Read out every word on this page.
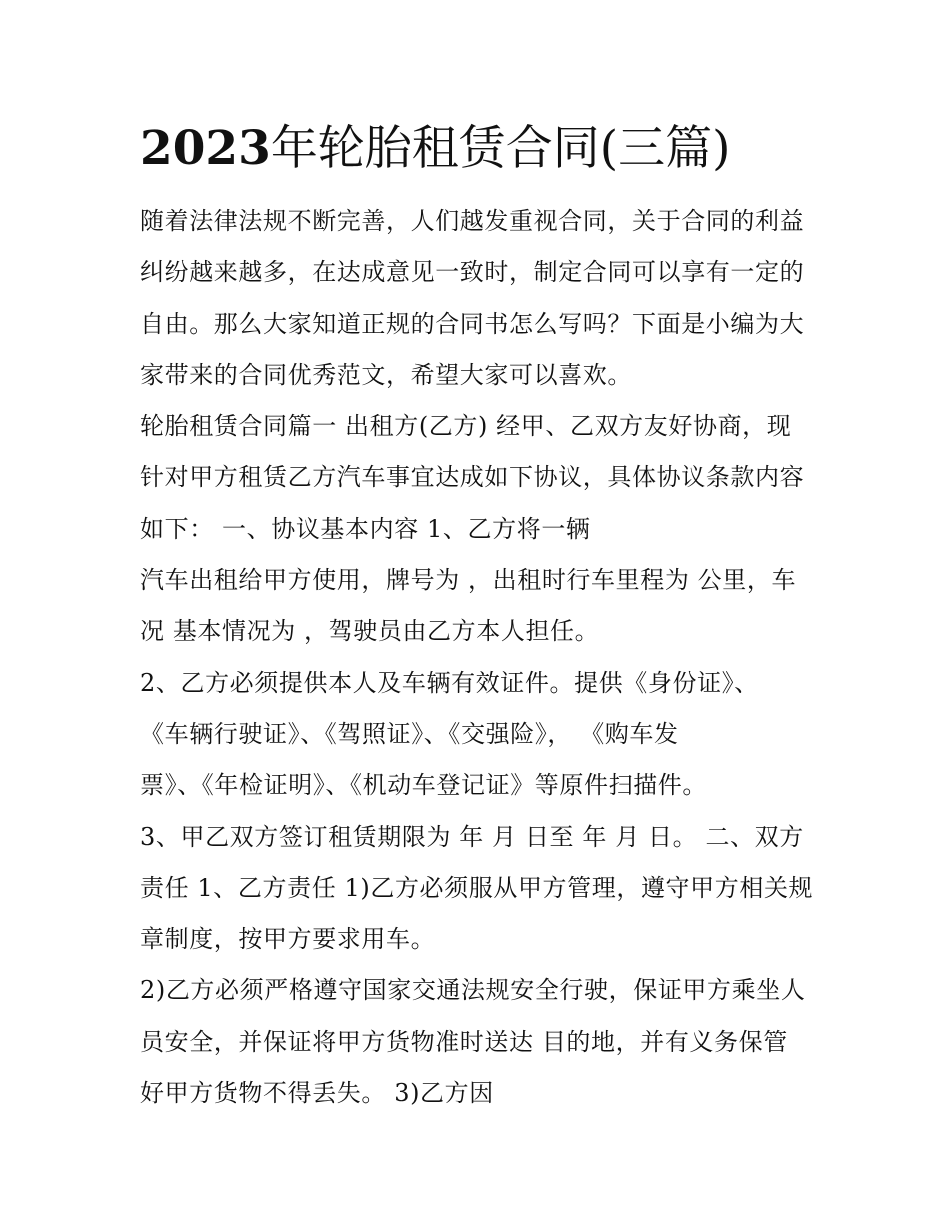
2023年轮胎租赁合同(三篇)

随着法律法规不断完善，人们越发重视合同，关于合同的利益

纠纷越来越多，在达成意见一致时，制定合同可以享有一定的

自由。那么大家知道正规的合同书怎么写吗？下面是小编为大

家带来的合同优秀范文，希望大家可以喜欢。

轮胎租赁合同篇一 出租方(乙方) 经甲、乙双方友好协商，现

针对甲方租赁乙方汽车事宜达成如下协议，具体协议条款内容

如下： 一、协议基本内容 1、乙方将一辆

汽车出租给甲方使用，牌号为 ，出租时行车里程为 公里，车

况 基本情况为 ，驾驶员由乙方本人担任。

2、乙方必须提供本人及车辆有效证件。提供《身份证》、

《车辆行驶证》、《驾照证》、《交强险》， 《购车发

票》、《年检证明》、《机动车登记证》等原件扫描件。

3、甲乙双方签订租赁期限为 年 月 日至 年 月 日。 二、双方

责任 1、乙方责任 1)乙方必须服从甲方管理，遵守甲方相关规

章制度，按甲方要求用车。

2)乙方必须严格遵守国家交通法规安全行驶，保证甲方乘坐人

员安全，并保证将甲方货物准时送达 目的地，并有义务保管

好甲方货物不得丢失。 3)乙方因
